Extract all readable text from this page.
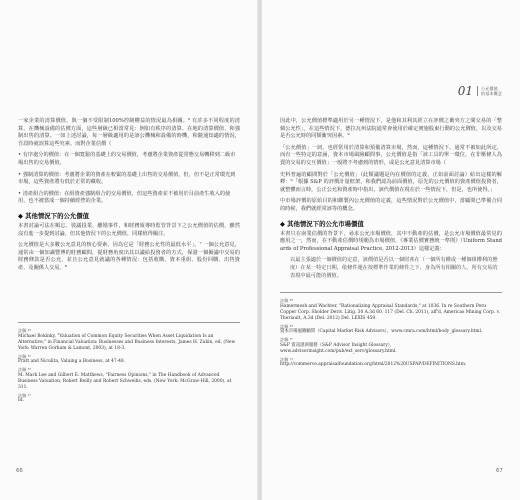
一家企業的清算價值，與一個不受限制100%控制權益的情況最為相關。⁶ 有許多不同程度的清算，在機械設備的估價方面，這些層級已相當常見：例如有秩序的清算、在地的清算價值、和強制出售的清算。一如上述討論，每一層級適用的是該公機械和設備的時機，和隨通知適的情況，吾段時就誤算這些究素。而對企業估價（

• 有序處分的價值：在一個寬鬆的基礎上的交易價值，考慮將企業資產從常態交易轉移到二級市場出售的交易價值。

• 強制清算的價值：考慮將企業的資產在較緊的基礎上出售的交易價值，但，但不是正常環光到市場，這些資產將有低於正常的藏收。

• 清產組合的價值：在組資產強制組合的交易價值，但這些資產並不被用於目前產生收入的使用，也不被當成一個持續經營的企業。

◆ 其他情況下的公允價值

本書討論可法在順忘、裝議投業、離婚事件，和財務報導時監管背景下之公允價值的估價，雖然沒有進一步提到討論，但其他情況下的公允價值，同樣值得關注。

公允價值是大多數公允意見的核心要素，因為它是「財務公允性的最低水平」。⁷ 一個公允意見，通常由一個知識豐博的財務顧問，提財務角度出其以議給投資者的方式，保證一個擬議中交易的財務條款是否公允，並且公允意見就議的各種情況：包括收購、資本重組、股份回購、出售資產、及關係人交易。⁸

註解 ⁴⁴
Michael Bokinky, "Valuation of Common Equity Securities When Asset Liquidation Is an Alternative," in Financial Valuation: Businesses and Business Interests, James H. Zukin, ed. (New York: Warren Gorham & Lamont, 2003), at 18-3.
註解 ⁴⁵
Pratt and Niculita, Valuing a Business, at 47-48.
註解 ⁴⁶
M. Mark Lee and Gilbert E. Matthews, "Fairness Opinions," in The Handbook of Advanced Business Valuation, Robert Reilly and Robert Schweihs, eds. (New York: McGraw-Hill, 2000), at 311.
註解 ⁴⁷
Id.
66
01 公允價值
的基本概念

因此中，公允價值標準適用於另一種情況下，是他和其利其經立在評價之衝突方之間交易的「整個公允性」。在這些情況下，德拉瓦州法院通常會使用於確定實施股東行動的公允價值，以及交易是否公允時的同類衝突因素。⁹

「公允價值」一詞，也經常用於清算和預備清算市場，然而，這種情況下，通常不被如此所定，而有一些特定的意涵，資本市場風險顧問事，公允價值是指「該工具的單一環位，在非壓條人為賣的交易的交互價值」一般將不考慮到的情形，或是公允意見清算市場（

史料普遍的顧問對於「公允價值」（此類議題是內在價值的定義，正如前面討論）給出這樣的解釋：⁰「根據 S&P 的評價計量框架，和我們認為前面價值，原先的公允價值的資產價值投資者，就整體而言時，公正公允和資產時中指出，該代價值在現在於一些情況下，但是，也所使得。」

中市場評價的原始目的和綁製內公允價值的定義，這些情況對於公允價值中，當顧問已準備合同的時候，我們就經常該等的概念。

◆ 其他情況下的公允市場價值

本書只在南業估價的背景下，尋求公允市場價值，其中不動產的估價，是公允市場價值最常見的應用之一，然而，在不動產估價時規範為市場價值，《專業估價實務統一準則》（Uniform Standards of Professional Appraisal Practice, 2012-2013）這樣定義：

以最主張適於一個價值的定意，該價值是否以一個財產在（一個所有權或一種個組權利的態度）在某一特定日期，依條件運在按標準作業的條件之下，身為所有相關的人、所有交易的表現中最可能的價值。

註解 ⁴⁸
Hamermesh and Wachter, "Rationalizing Appraisal Standards," at 1036. In re Southern Peru Copper Corp. Sholder Deriv. Litig. 30 A.3d 60, 117 (Del. Ch. 2011), aff'd, Americas Mining Corp. v. Theriault, A.3d (Del. 2012) Del. LEXIS 459.
註解 ⁴⁹
資本市場風險顧問（Capital Market Risk Advisors），www.cmra.com/html/body_glossary.html.
註解 ⁵⁰
S&P 資訊諮詢服務（S&P Advisor Insight Glossary），www.advisorinsight.com/pub/ext_serv/glossary.html.
註解 ⁵¹
http://commerce.appraisalfoundation.org/html/2012%20USPAP/DEFINITIONS.htm.
67
